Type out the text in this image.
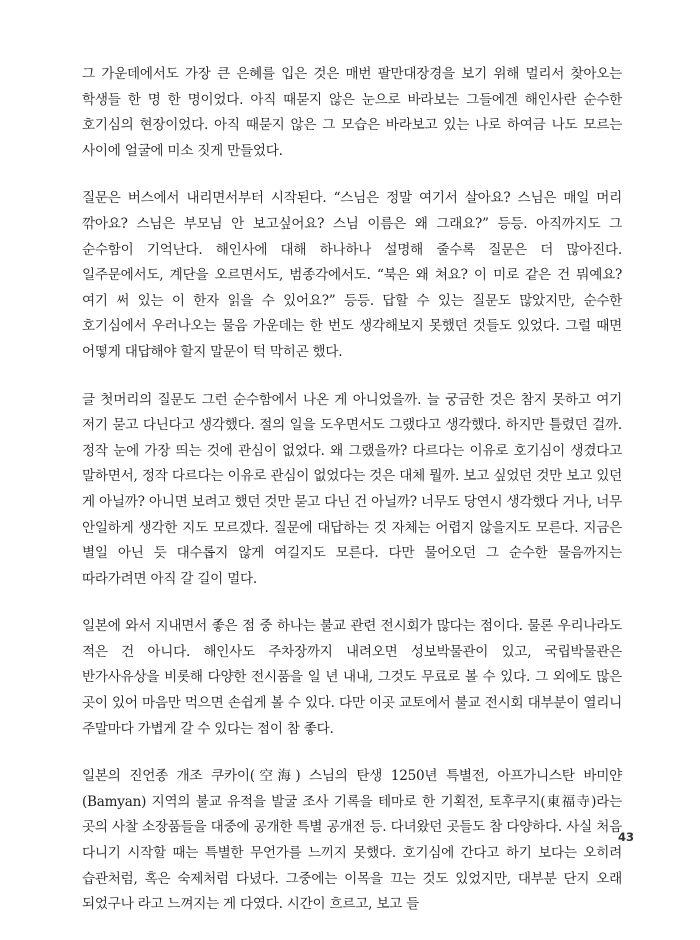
그 가운데에서도 가장 큰 은혜를 입은 것은 매번 팔만대장경을 보기 위해 멀리서 찾아오는 학생들 한 명 한 명이었다. 아직 때묻지 않은 눈으로 바라보는 그들에겐 해인사란 순수한 호기심의 현장이었다. 아직 때묻지 않은 그 모습은 바라보고 있는 나로 하여금 나도 모르는 사이에 얼굴에 미소 짓게 만들었다.

질문은 버스에서 내리면서부터 시작된다. “스님은 정말 여기서 살아요? 스님은 매일 머리 깎아요? 스님은 부모님 안 보고싶어요? 스님 이름은 왜 그래요?” 등등. 아직까지도 그 순수함이 기억난다. 해인사에 대해 하나하나 설명해 줄수록 질문은 더 많아진다. 일주문에서도, 계단을 오르면서도, 범종각에서도. “북은 왜 쳐요? 이 미로 같은 건 뭐예요? 여기 써 있는 이 한자 읽을 수 있어요?” 등등. 답할 수 있는 질문도 많았지만, 순수한 호기심에서 우러나오는 물음 가운데는 한 번도 생각해보지 못했던 것들도 있었다. 그럴 때면 어떻게 대답해야 할지 말문이 턱 막히곤 했다.

글 첫머리의 질문도 그런 순수함에서 나온 게 아니었을까. 늘 궁금한 것은 참지 못하고 여기 저기 묻고 다닌다고 생각했다. 절의 일을 도우면서도 그랬다고 생각했다. 하지만 틀렸던 걸까. 정작 눈에 가장 띄는 것에 관심이 없었다. 왜 그랬을까? 다르다는 이유로 호기심이 생겼다고 말하면서, 정작 다르다는 이유로 관심이 없었다는 것은 대체 뭘까. 보고 싶었던 것만 보고 있던 게 아닐까? 아니면 보려고 했던 것만 묻고 다닌 건 아닐까? 너무도 당연시 생각했다 거나, 너무 안일하게 생각한 지도 모르겠다. 질문에 대답하는 것 자체는 어렵지 않을지도 모른다. 지금은 별일 아닌 듯 대수롭지 않게 여길지도 모른다. 다만 물어오던 그 순수한 물음까지는 따라가려면 아직 갈 길이 멀다.

일본에 와서 지내면서 좋은 점 중 하나는 불교 관련 전시회가 많다는 점이다. 물론 우리나라도 적은 건 아니다. 해인사도 주차장까지 내려오면 성보박물관이 있고, 국립박물관은 반가사유상을 비롯해 다양한 전시품을 일 년 내내, 그것도 무료로 볼 수 있다. 그 외에도 많은 곳이 있어 마음만 먹으면 손쉽게 볼 수 있다. 다만 이곳 교토에서 불교 전시회 대부분이 열리니 주말마다 가볍게 갈 수 있다는 점이 참 좋다.

일본의 진언종 개조 쿠카이(空海) 스님의 탄생 1250년 특별전, 아프가니스탄 바미얀(Bamyan) 지역의 불교 유적을 발굴 조사 기록을 테마로 한 기획전, 토후쿠지(東福寺)라는 곳의 사찰 소장품들을 대중에 공개한 특별 공개전 등. 다녀왔던 곳들도 참 다양하다. 사실 처음 다니기 시작할 때는 특별한 무언가를 느끼지 못했다. 호기심에 간다고 하기 보다는 오히려 습관처럼, 혹은 숙제처럼 다녔다. 그중에는 이목을 끄는 것도 있었지만, 대부분 단지 오래 되었구나 라고 느껴지는 게 다였다. 시간이 흐르고, 보고 들

43
